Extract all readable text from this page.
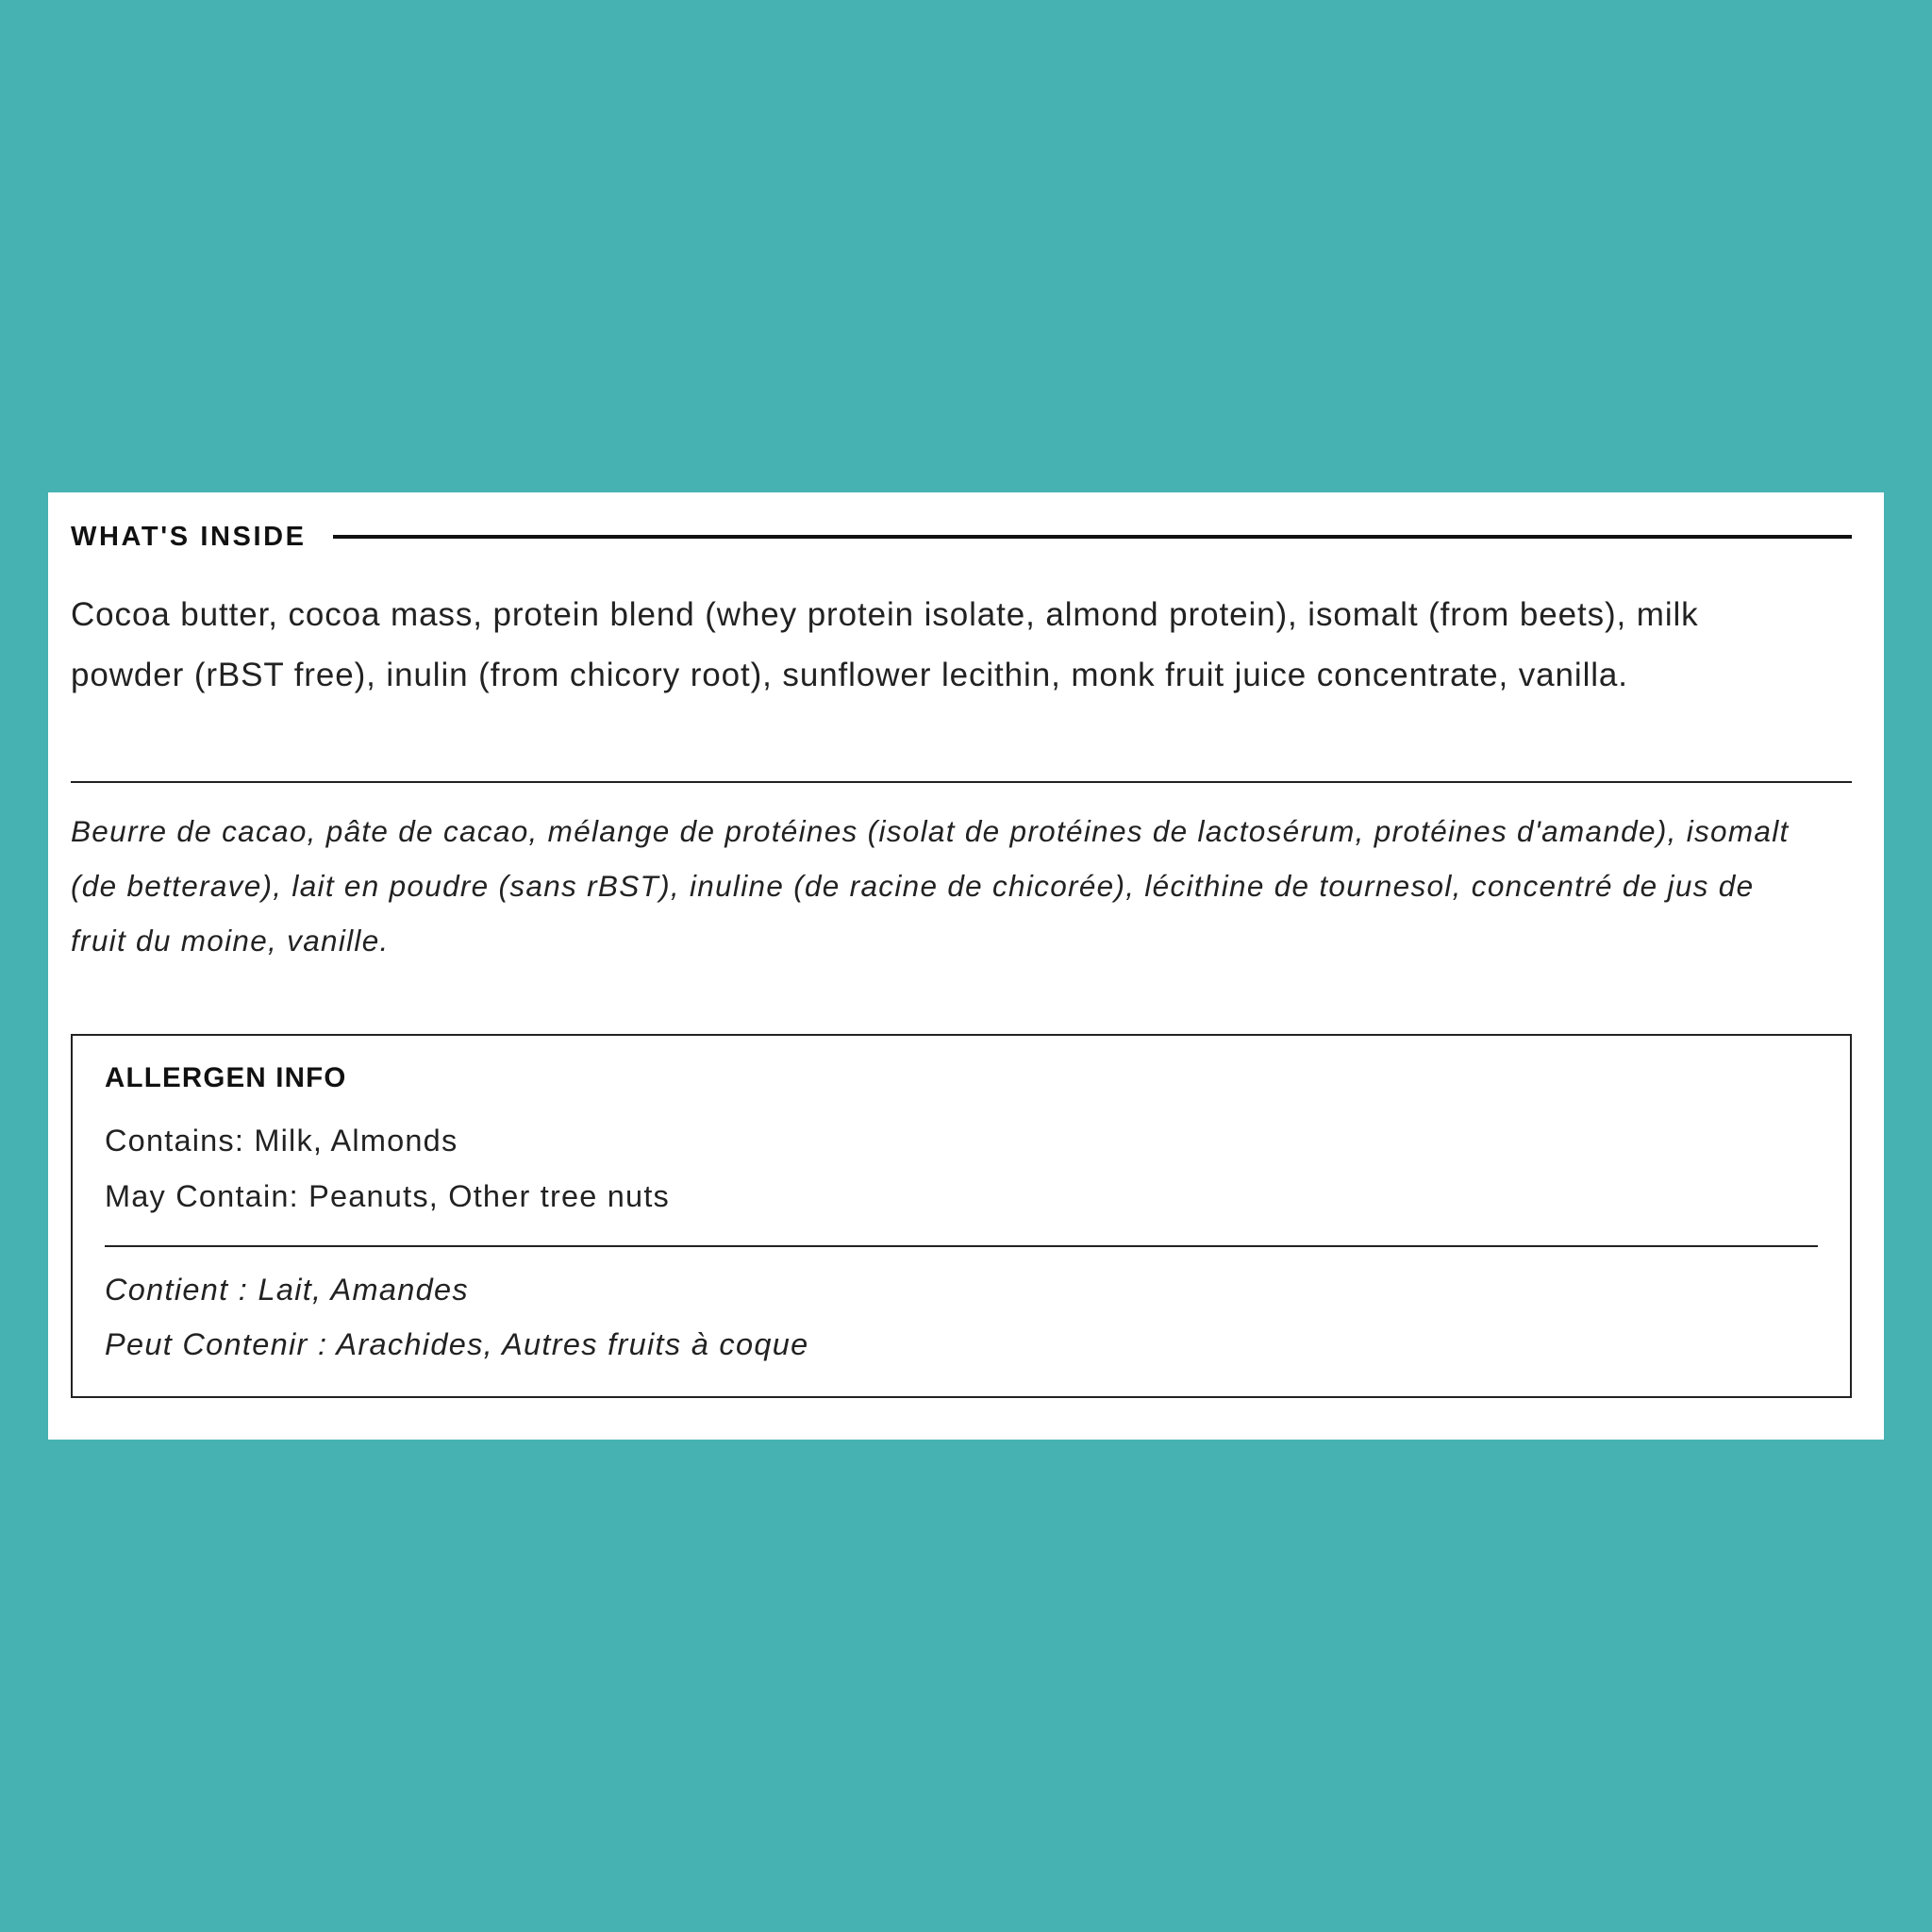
WHAT'S INSIDE

Cocoa butter, cocoa mass, protein blend (whey protein isolate, almond protein), isomalt (from beets), milk powder (rBST free), inulin (from chicory root), sunflower lecithin, monk fruit juice concentrate, vanilla.

Beurre de cacao, pâte de cacao, mélange de protéines (isolat de protéines de lactosérum, protéines d'amande), isomalt (de betterave), lait en poudre (sans rBST), inuline (de racine de chicorée), lécithine de tournesol, concentré de jus de fruit du moine, vanille.

ALLERGEN INFO

Contains: Milk, Almonds
May Contain: Peanuts, Other tree nuts
Contient : Lait, Amandes
Peut Contenir : Arachides, Autres fruits à coque
